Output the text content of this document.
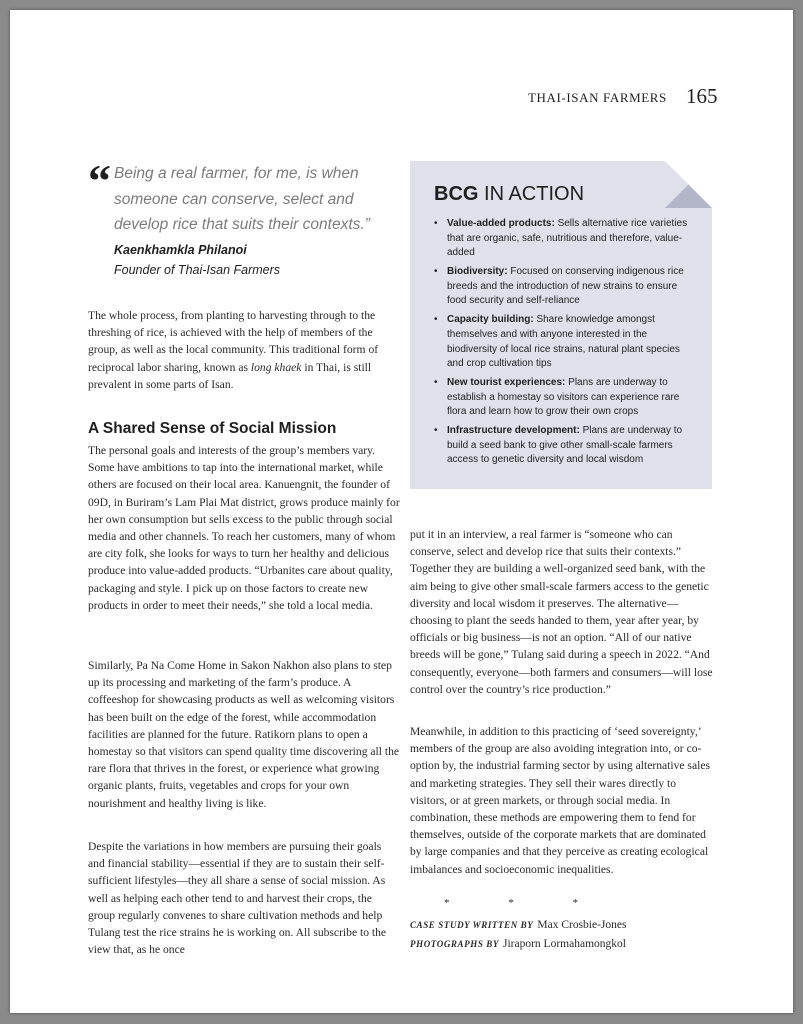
THAI-ISAN FARMERS 165
“ Being a real farmer, for me, is when someone can conserve, select and develop rice that suits their contexts.”
Kaenkhamkla Philanoi
Founder of Thai-Isan Farmers

The whole process, from planting to harvesting through to the threshing of rice, is achieved with the help of members of the group, as well as the local community. This traditional form of reciprocal labor sharing, known as long khaek in Thai, is still prevalent in some parts of Isan.

A Shared Sense of Social Mission

The personal goals and interests of the group’s members vary. Some have ambitions to tap into the international market, while others are focused on their local area. Kanuengnit, the founder of 09D, in Buriram’s Lam Plai Mat district, grows produce mainly for her own consumption but sells excess to the public through social media and other channels. To reach her customers, many of whom are city folk, she looks for ways to turn her healthy and delicious produce into value-added products. “Urbanites care about quality, packaging and style. I pick up on those factors to create new products in order to meet their needs,” she told a local media.

Similarly, Pa Na Come Home in Sakon Nakhon also plans to step up its processing and marketing of the farm’s produce. A coffeeshop for showcasing products as well as welcoming visitors has been built on the edge of the forest, while accommodation facilities are planned for the future. Ratikorn plans to open a homestay so that visitors can spend quality time discovering all the rare flora that thrives in the forest, or experience what growing organic plants, fruits, vegetables and crops for your own nourishment and healthy living is like.

Despite the variations in how members are pursuing their goals and financial stability—essential if they are to sustain their self-sufficient lifestyles—they all share a sense of social mission. As well as helping each other tend to and harvest their crops, the group regularly convenes to share cultivation methods and help Tulang test the rice strains he is working on. All subscribe to the view that, as he once

BCG IN ACTION
• Value-added products: Sells alternative rice varieties that are organic, safe, nutritious and therefore, value-added
• Biodiversity: Focused on conserving indigenous rice breeds and the introduction of new strains to ensure food security and self-reliance
• Capacity building: Share knowledge amongst themselves and with anyone interested in the biodiversity of local rice strains, natural plant species and crop cultivation tips
• New tourist experiences: Plans are underway to establish a homestay so visitors can experience rare flora and learn how to grow their own crops
• Infrastructure development: Plans are underway to build a seed bank to give other small-scale farmers access to genetic diversity and local wisdom

put it in an interview, a real farmer is “someone who can conserve, select and develop rice that suits their contexts.” Together they are building a well-organized seed bank, with the aim being to give other small-scale farmers access to the genetic diversity and local wisdom it preserves. The alternative—choosing to plant the seeds handed to them, year after year, by officials or big business—is not an option. “All of our native breeds will be gone,” Tulang said during a speech in 2022. “And consequently, everyone—both farmers and consumers—will lose control over the country’s rice production.”

Meanwhile, in addition to this practicing of ‘seed sovereignty,’ members of the group are also avoiding integration into, or co-option by, the industrial farming sector by using alternative sales and marketing strategies. They sell their wares directly to visitors, or at green markets, or through social media. In combination, these methods are empowering them to fend for themselves, outside of the corporate markets that are dominated by large companies and that they perceive as creating ecological imbalances and socioeconomic inequalities.

* * *
CASE STUDY WRITTEN BY Max Crosbie-Jones
PHOTOGRAPHS BY Jiraporn Lormahamongkol
